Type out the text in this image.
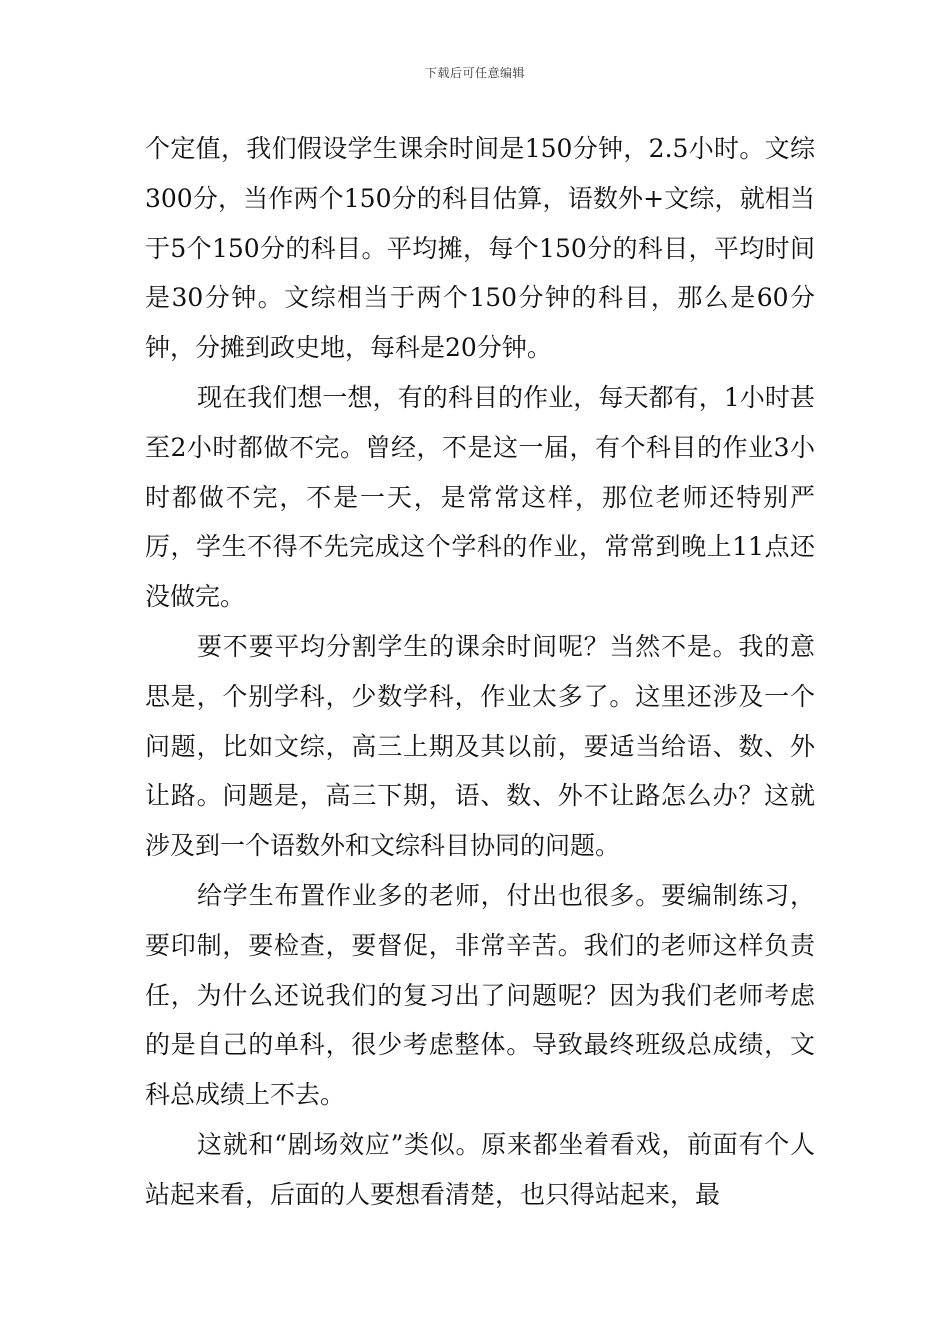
下载后可任意编辑

个定值，我们假设学生课余时间是150分钟，2.5小时。文综300分，当作两个150分的科目估算，语数外+文综，就相当于5个150分的科目。平均摊，每个150分的科目，平均时间是30分钟。文综相当于两个150分钟的科目，那么是60分钟，分摊到政史地，每科是20分钟。

现在我们想一想，有的科目的作业，每天都有，1小时甚至2小时都做不完。曾经，不是这一届，有个科目的作业3小时都做不完，不是一天，是常常这样，那位老师还特别严厉，学生不得不先完成这个学科的作业，常常到晚上11点还没做完。

要不要平均分割学生的课余时间呢？当然不是。我的意思是，个别学科，少数学科，作业太多了。这里还涉及一个问题，比如文综，高三上期及其以前，要适当给语、数、外让路。问题是，高三下期，语、数、外不让路怎么办？这就涉及到一个语数外和文综科目协同的问题。

给学生布置作业多的老师，付出也很多。要编制练习，要印制，要检查，要督促，非常辛苦。我们的老师这样负责任，为什么还说我们的复习出了问题呢？因为我们老师考虑的是自己的单科，很少考虑整体。导致最终班级总成绩，文科总成绩上不去。

这就和“剧场效应”类似。原来都坐着看戏，前面有个人站起来看，后面的人要想看清楚，也只得站起来，最
